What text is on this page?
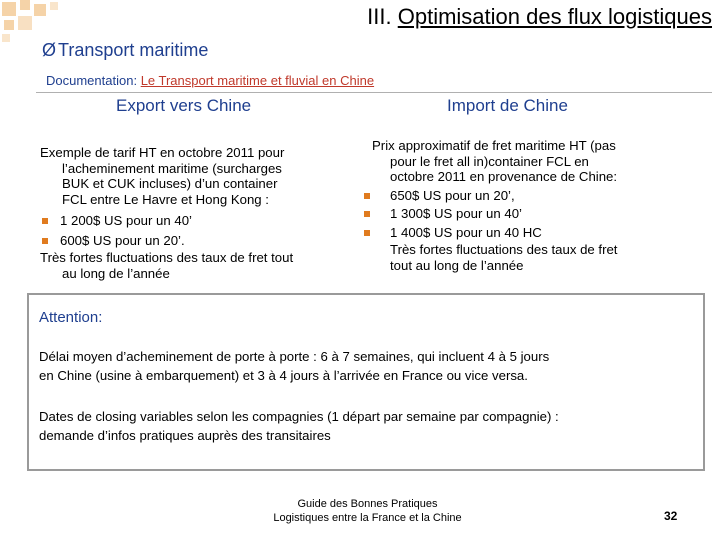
III. Optimisation des flux logistiques
Ø Transport maritime
Documentation: Le Transport maritime et fluvial en Chine
Export vers Chine	Import de Chine

Exemple de tarif HT en octobre 2011 pour

l’acheminement maritime (surcharges

BUK et CUK incluses) d’un container

FCL entre Le Havre et Hong Kong :

1 200$ US pour un 40’

600$ US pour un 20’.

Très fortes fluctuations des taux de fret tout

au long de l’année

Prix approximatif de fret maritime HT (pas

pour le fret all in)container FCL en

octobre 2011 en provenance de Chine:

650$ US pour un 20’,

1 300$ US pour un 40’

1 400$ US pour un 40 HC

Très fortes fluctuations des taux de fret

tout au long de l’année

Attention:
Délai moyen d’acheminement de porte à porte : 6 à 7 semaines, qui incluent 4 à 5 jours
en Chine (usine à embarquement) et 3 à 4 jours à l’arrivée en France ou vice versa.
Dates de closing variables selon les compagnies (1 départ par semaine par compagnie) :
demande d’infos pratiques auprès des transitaires
Guide des Bonnes Pratiques
Logistiques entre la France et la Chine	32
